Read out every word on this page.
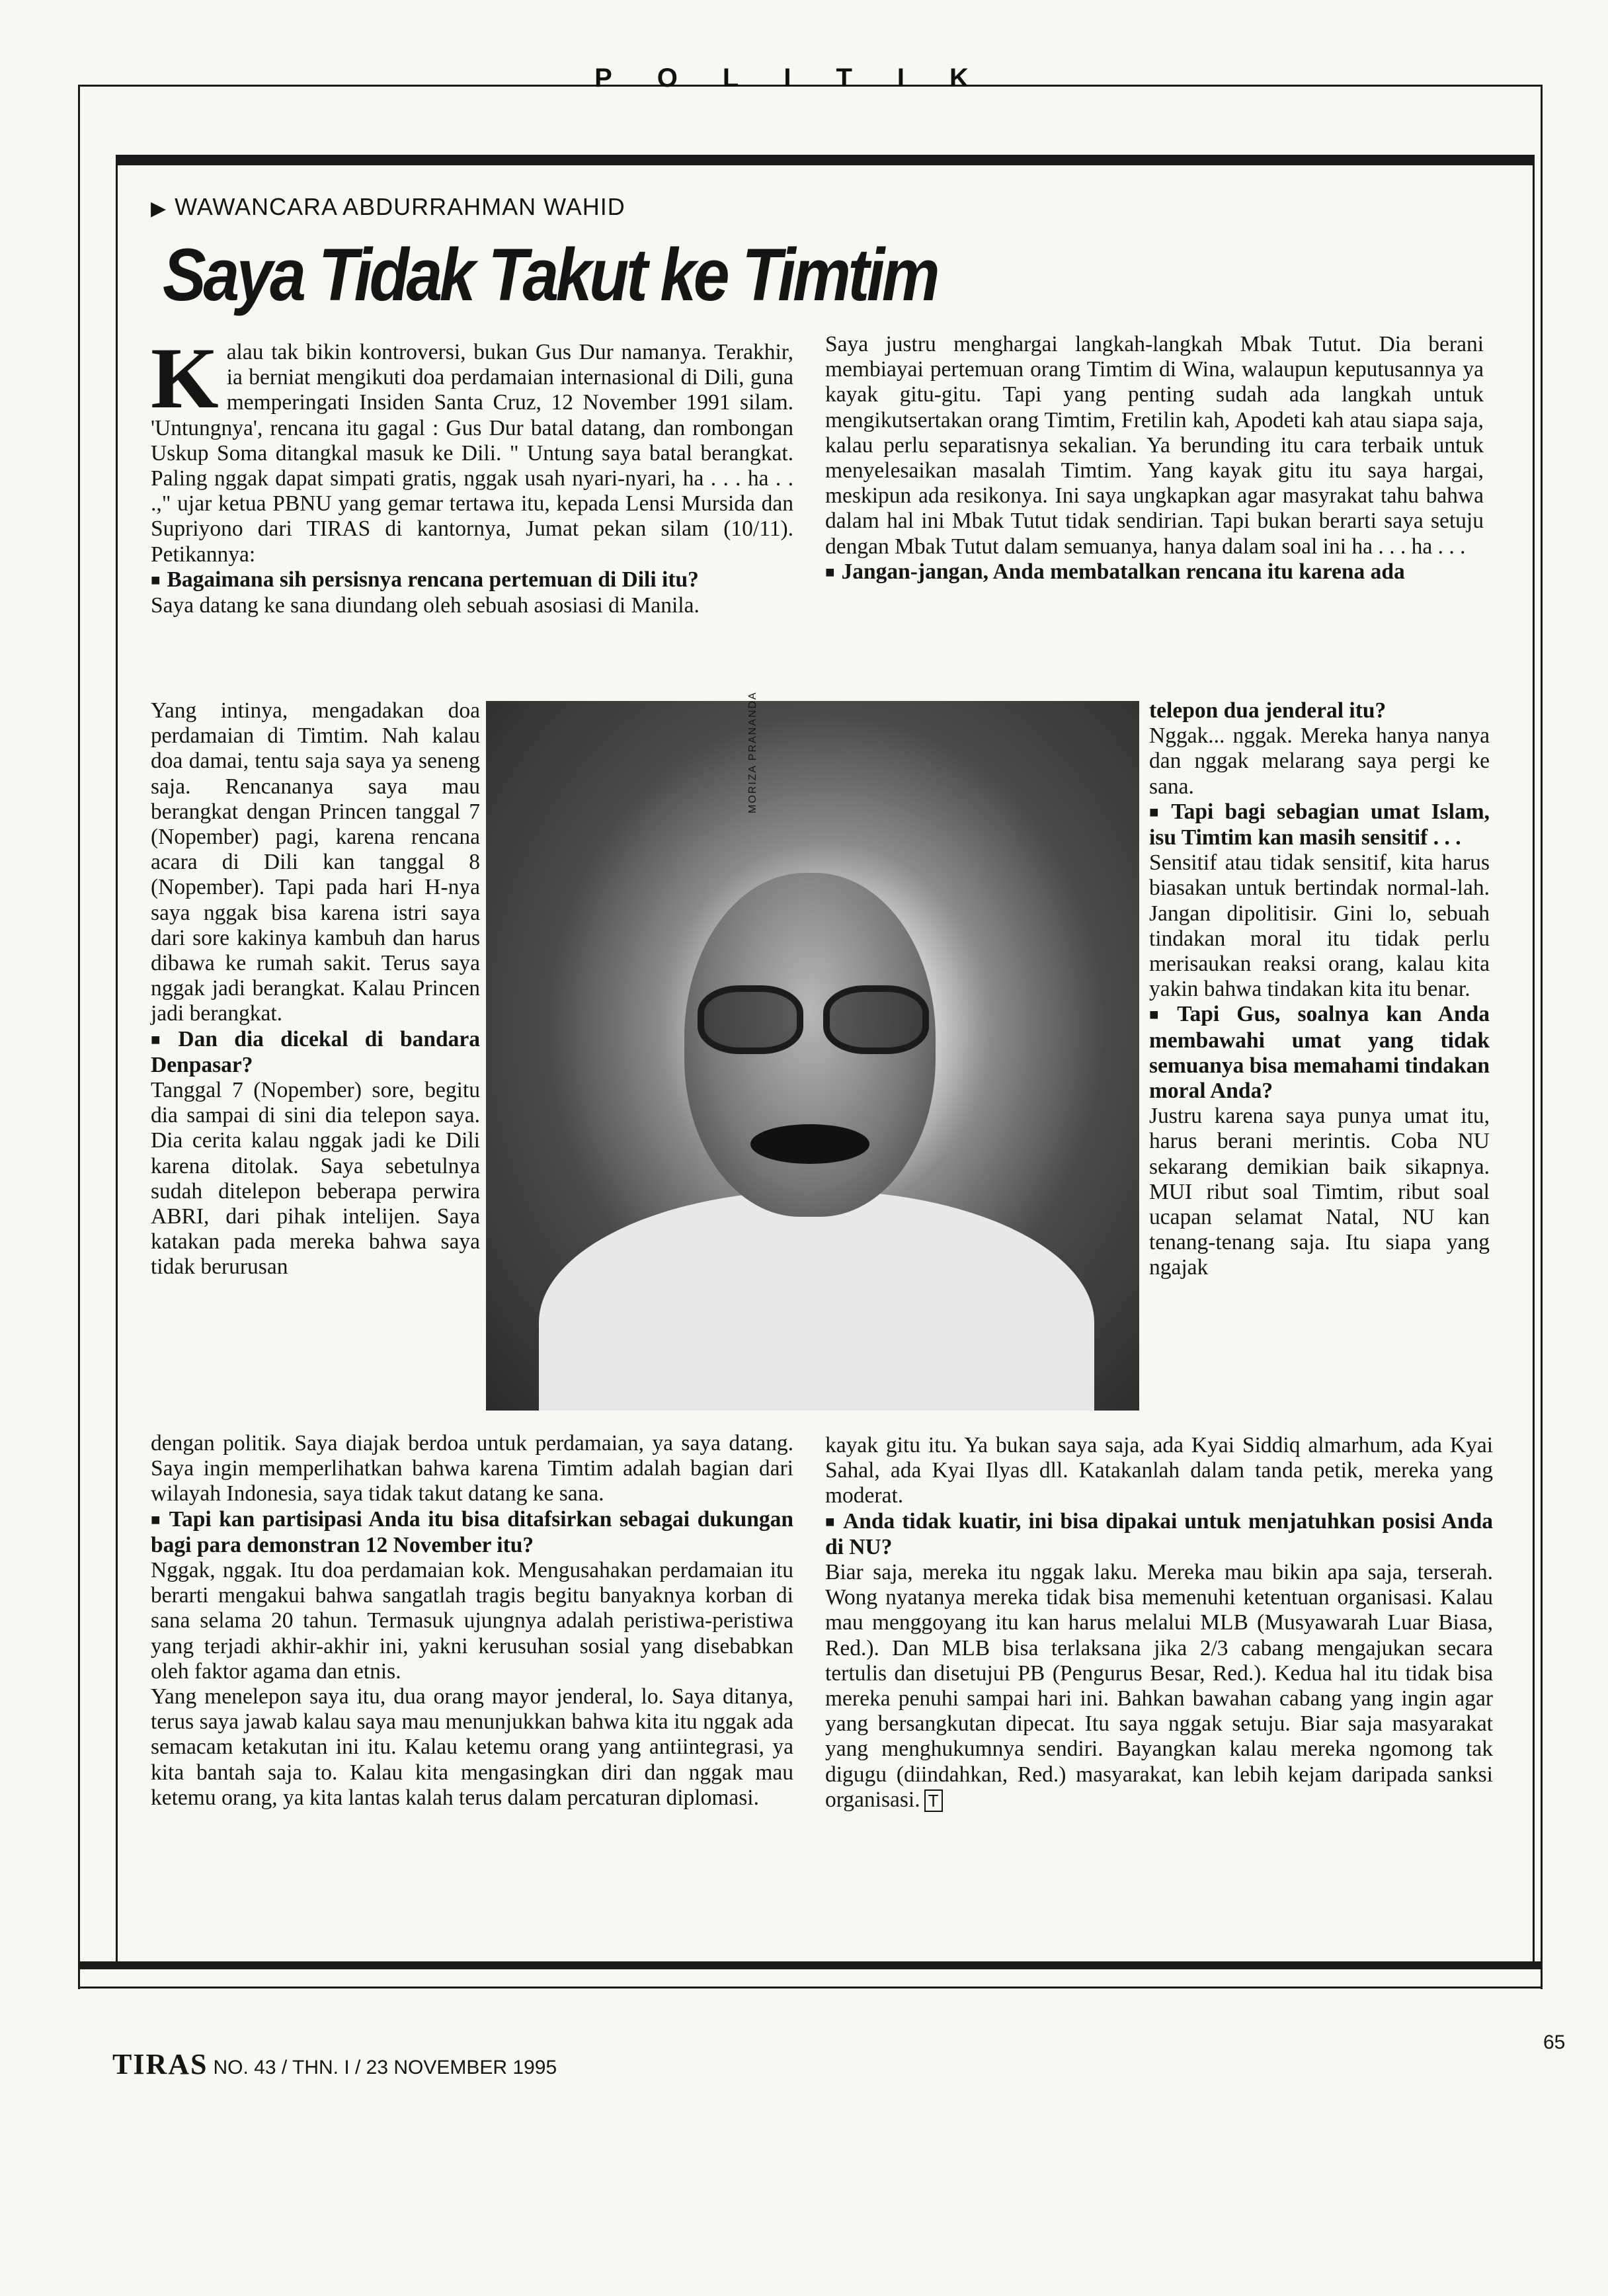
POLITIK
▶ WAWANCARA ABDURRAHMAN WAHID
Saya Tidak Takut ke Timtim

Kalau tak bikin kontroversi, bukan Gus Dur namanya. Terakhir, ia berniat mengikuti doa perdamaian internasional di Dili, guna memperingati Insiden Santa Cruz, 12 November 1991 silam. 'Untungnya', rencana itu gagal : Gus Dur batal datang, dan rombongan Uskup Soma ditangkal masuk ke Dili. " Untung saya batal berangkat. Paling nggak dapat simpati gratis, nggak usah nyari-nyari, ha . . . ha . . .," ujar ketua PBNU yang gemar tertawa itu, kepada Lensi Mursida dan Supriyono dari TIRAS di kantornya, Jumat pekan silam (10/11). Petikannya:

■ Bagaimana sih persisnya rencana pertemuan di Dili itu?

Saya datang ke sana diundang oleh sebuah asosiasi di Manila.

Yang intinya, mengadakan doa perdamaian di Timtim. Nah kalau doa damai, tentu saja saya ya seneng saja. Rencananya saya mau berangkat dengan Princen tanggal 7 (Nopember) pagi, karena rencana acara di Dili kan tanggal 8 (Nopember). Tapi pada hari H-nya saya nggak bisa karena istri saya dari sore kakinya kambuh dan harus dibawa ke rumah sakit. Terus saya nggak jadi berangkat. Kalau Princen jadi berangkat.

■ Dan dia dicekal di bandara Denpasar?

Tanggal 7 (Nopember) sore, begitu dia sampai di sini dia telepon saya. Dia cerita kalau nggak jadi ke Dili karena ditolak. Saya sebetulnya sudah ditelepon beberapa perwira ABRI, dari pihak intelijen. Saya katakan pada mereka bahwa saya tidak berurusan

dengan politik. Saya diajak berdoa untuk perdamaian, ya saya datang. Saya ingin memperlihatkan bahwa karena Timtim adalah bagian dari wilayah Indonesia, saya tidak takut datang ke sana.

■ Tapi kan partisipasi Anda itu bisa ditafsirkan sebagai dukungan bagi para demonstran 12 November itu?

Nggak, nggak. Itu doa perdamaian kok. Mengusahakan perdamaian itu berarti mengakui bahwa sangatlah tragis begitu banyaknya korban di sana selama 20 tahun. Termasuk ujungnya adalah peristiwa-peristiwa yang terjadi akhir-akhir ini, yakni kerusuhan sosial yang disebabkan oleh faktor agama dan etnis.

Yang menelepon saya itu, dua orang mayor jenderal, lo. Saya ditanya, terus saya jawab kalau saya mau menunjukkan bahwa kita itu nggak ada semacam ketakutan ini itu. Kalau ketemu orang yang antiintegrasi, ya kita bantah saja to. Kalau kita mengasingkan diri dan nggak mau ketemu orang, ya kita lantas kalah terus dalam percaturan diplomasi.

MORIZA PRANANDA

Saya justru menghargai langkah-langkah Mbak Tutut. Dia berani membiayai pertemuan orang Timtim di Wina, walaupun keputusannya ya kayak gitu-gitu. Tapi yang penting sudah ada langkah untuk mengikutsertakan orang Timtim, Fretilin kah, Apodeti kah atau siapa saja, kalau perlu separatisnya sekalian. Ya berunding itu cara terbaik untuk menyelesaikan masalah Timtim. Yang kayak gitu itu saya hargai, meskipun ada resikonya. Ini saya ungkapkan agar masyrakat tahu bahwa dalam hal ini Mbak Tutut tidak sendirian. Tapi bukan berarti saya setuju dengan Mbak Tutut dalam semuanya, hanya dalam soal ini ha . . . ha . . .

■ Jangan-jangan, Anda membatalkan rencana itu karena ada

telepon dua jenderal itu?

Nggak... nggak. Mereka hanya nanya dan nggak melarang saya pergi ke sana.

■ Tapi bagi sebagian umat Islam, isu Timtim kan masih sensitif . . .

Sensitif atau tidak sensitif, kita harus biasakan untuk bertindak normal-lah. Jangan dipolitisir. Gini lo, sebuah tindakan moral itu tidak perlu merisaukan reaksi orang, kalau kita yakin bahwa tindakan kita itu benar.

■ Tapi Gus, soalnya kan Anda membawahi umat yang tidak semuanya bisa memahami tindakan moral Anda?

Justru karena saya punya umat itu, harus berani merintis. Coba NU sekarang demikian baik sikapnya. MUI ribut soal Timtim, ribut soal ucapan selamat Natal, NU kan tenang-tenang saja. Itu siapa yang ngajak

kayak gitu itu. Ya bukan saya saja, ada Kyai Siddiq almarhum, ada Kyai Sahal, ada Kyai Ilyas dll. Katakanlah dalam tanda petik, mereka yang moderat.

■ Anda tidak kuatir, ini bisa dipakai untuk menjatuhkan posisi Anda di NU?

Biar saja, mereka itu nggak laku. Mereka mau bikin apa saja, terserah. Wong nyatanya mereka tidak bisa memenuhi ketentuan organisasi. Kalau mau menggoyang itu kan harus melalui MLB (Musyawarah Luar Biasa, Red.). Dan MLB bisa terlaksana jika 2/3 cabang mengajukan secara tertulis dan disetujui PB (Pengurus Besar, Red.). Kedua hal itu tidak bisa mereka penuhi sampai hari ini. Bahkan bawahan cabang yang ingin agar yang bersangkutan dipecat. Itu saya nggak setuju. Biar saja masyarakat yang menghukumnya sendiri. Bayangkan kalau mereka ngomong tak digugu (diindahkan, Red.) masyarakat, kan lebih kejam daripada sanksi organisasi. T

TIRAS NO. 43 / THN. I / 23 NOVEMBER 1995
65
